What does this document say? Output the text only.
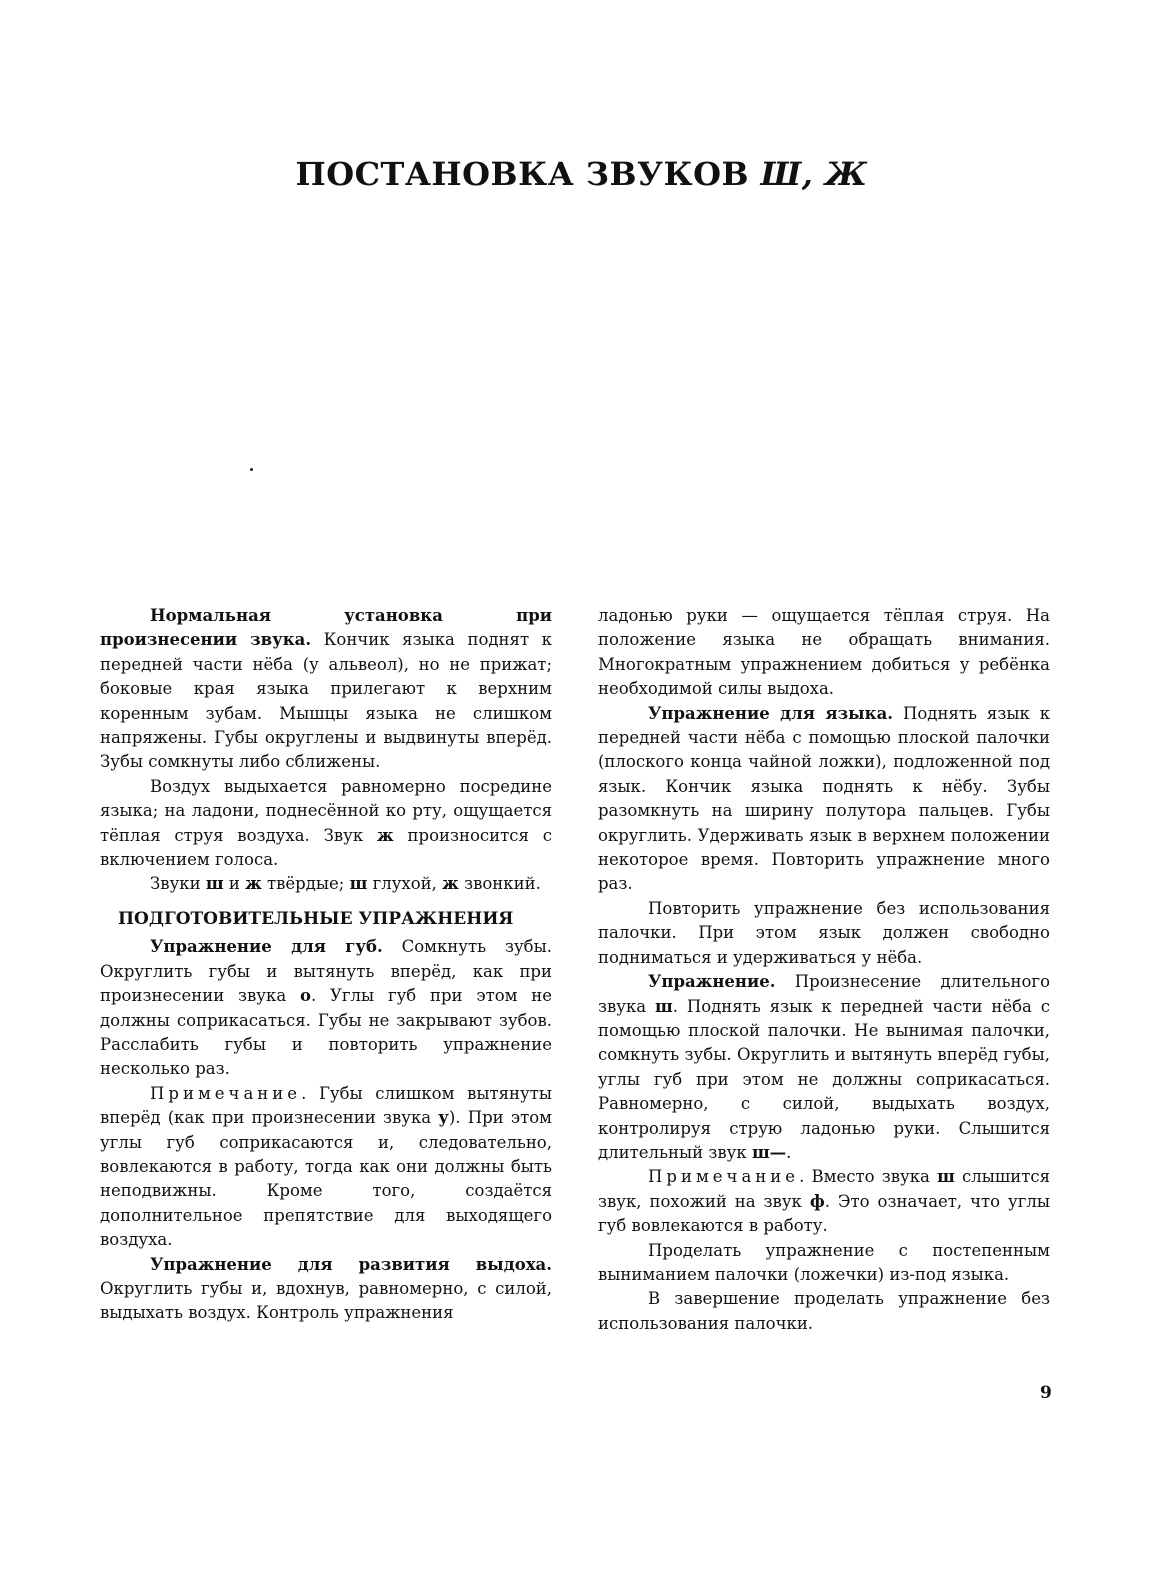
ПОСТАНОВКА ЗВУКОВ Ш, Ж

Нормальная установка при произнесении звука. Кончик языка поднят к передней части нёба (у альвеол), но не прижат; боковые края языка прилегают к верхним коренным зубам. Мышцы языка не слишком напряжены. Губы округлены и выдвинуты вперёд. Зубы сомкнуты либо сближены.

Воздух выдыхается равномерно посредине языка; на ладони, поднесённой ко рту, ощущается тёплая струя воздуха. Звук ж произносится с включением голоса.

Звуки ш и ж твёрдые; ш глухой, ж звонкий.

ПОДГОТОВИТЕЛЬНЫЕ УПРАЖНЕНИЯ

Упражнение для губ. Сомкнуть зубы. Округлить губы и вытянуть вперёд, как при произнесении звука о. Углы губ при этом не должны соприкасаться. Губы не закрывают зубов. Расслабить губы и повторить упражнение несколько раз.

Примечание. Губы слишком вытянуты вперёд (как при произнесении звука у). При этом углы губ соприкасаются и, следовательно, вовлекаются в работу, тогда как они должны быть неподвижны. Кроме того, создаётся дополнительное препятствие для выходящего воздуха.

Упражнение для развития выдоха. Округлить губы и, вдохнув, равномерно, с силой, выдыхать воздух. Контроль упражнения

ладонью руки — ощущается тёплая струя. На положение языка не обращать внимания. Многократным упражнением добиться у ребёнка необходимой силы выдоха.

Упражнение для языка. Поднять язык к передней части нёба с помощью плоской палочки (плоского конца чайной ложки), подложенной под язык. Кончик языка поднять к нёбу. Зубы разомкнуть на ширину полутора пальцев. Губы округлить. Удерживать язык в верхнем положении некоторое время. Повторить упражнение много раз.

Повторить упражнение без использования палочки. При этом язык должен свободно подниматься и удерживаться у нёба.

Упражнение. Произнесение длительного звука ш. Поднять язык к передней части нёба с помощью плоской палочки. Не вынимая палочки, сомкнуть зубы. Округлить и вытянуть вперёд губы, углы губ при этом не должны соприкасаться. Равномерно, с силой, выдыхать воздух, контролируя струю ладонью руки. Слышится длительный звук ш—.

Примечание. Вместо звука ш слышится звук, похожий на звук ф. Это означает, что углы губ вовлекаются в работу.

Проделать упражнение с постепенным выниманием палочки (ложечки) из-под языка.

В завершение проделать упражнение без использования палочки.

9
